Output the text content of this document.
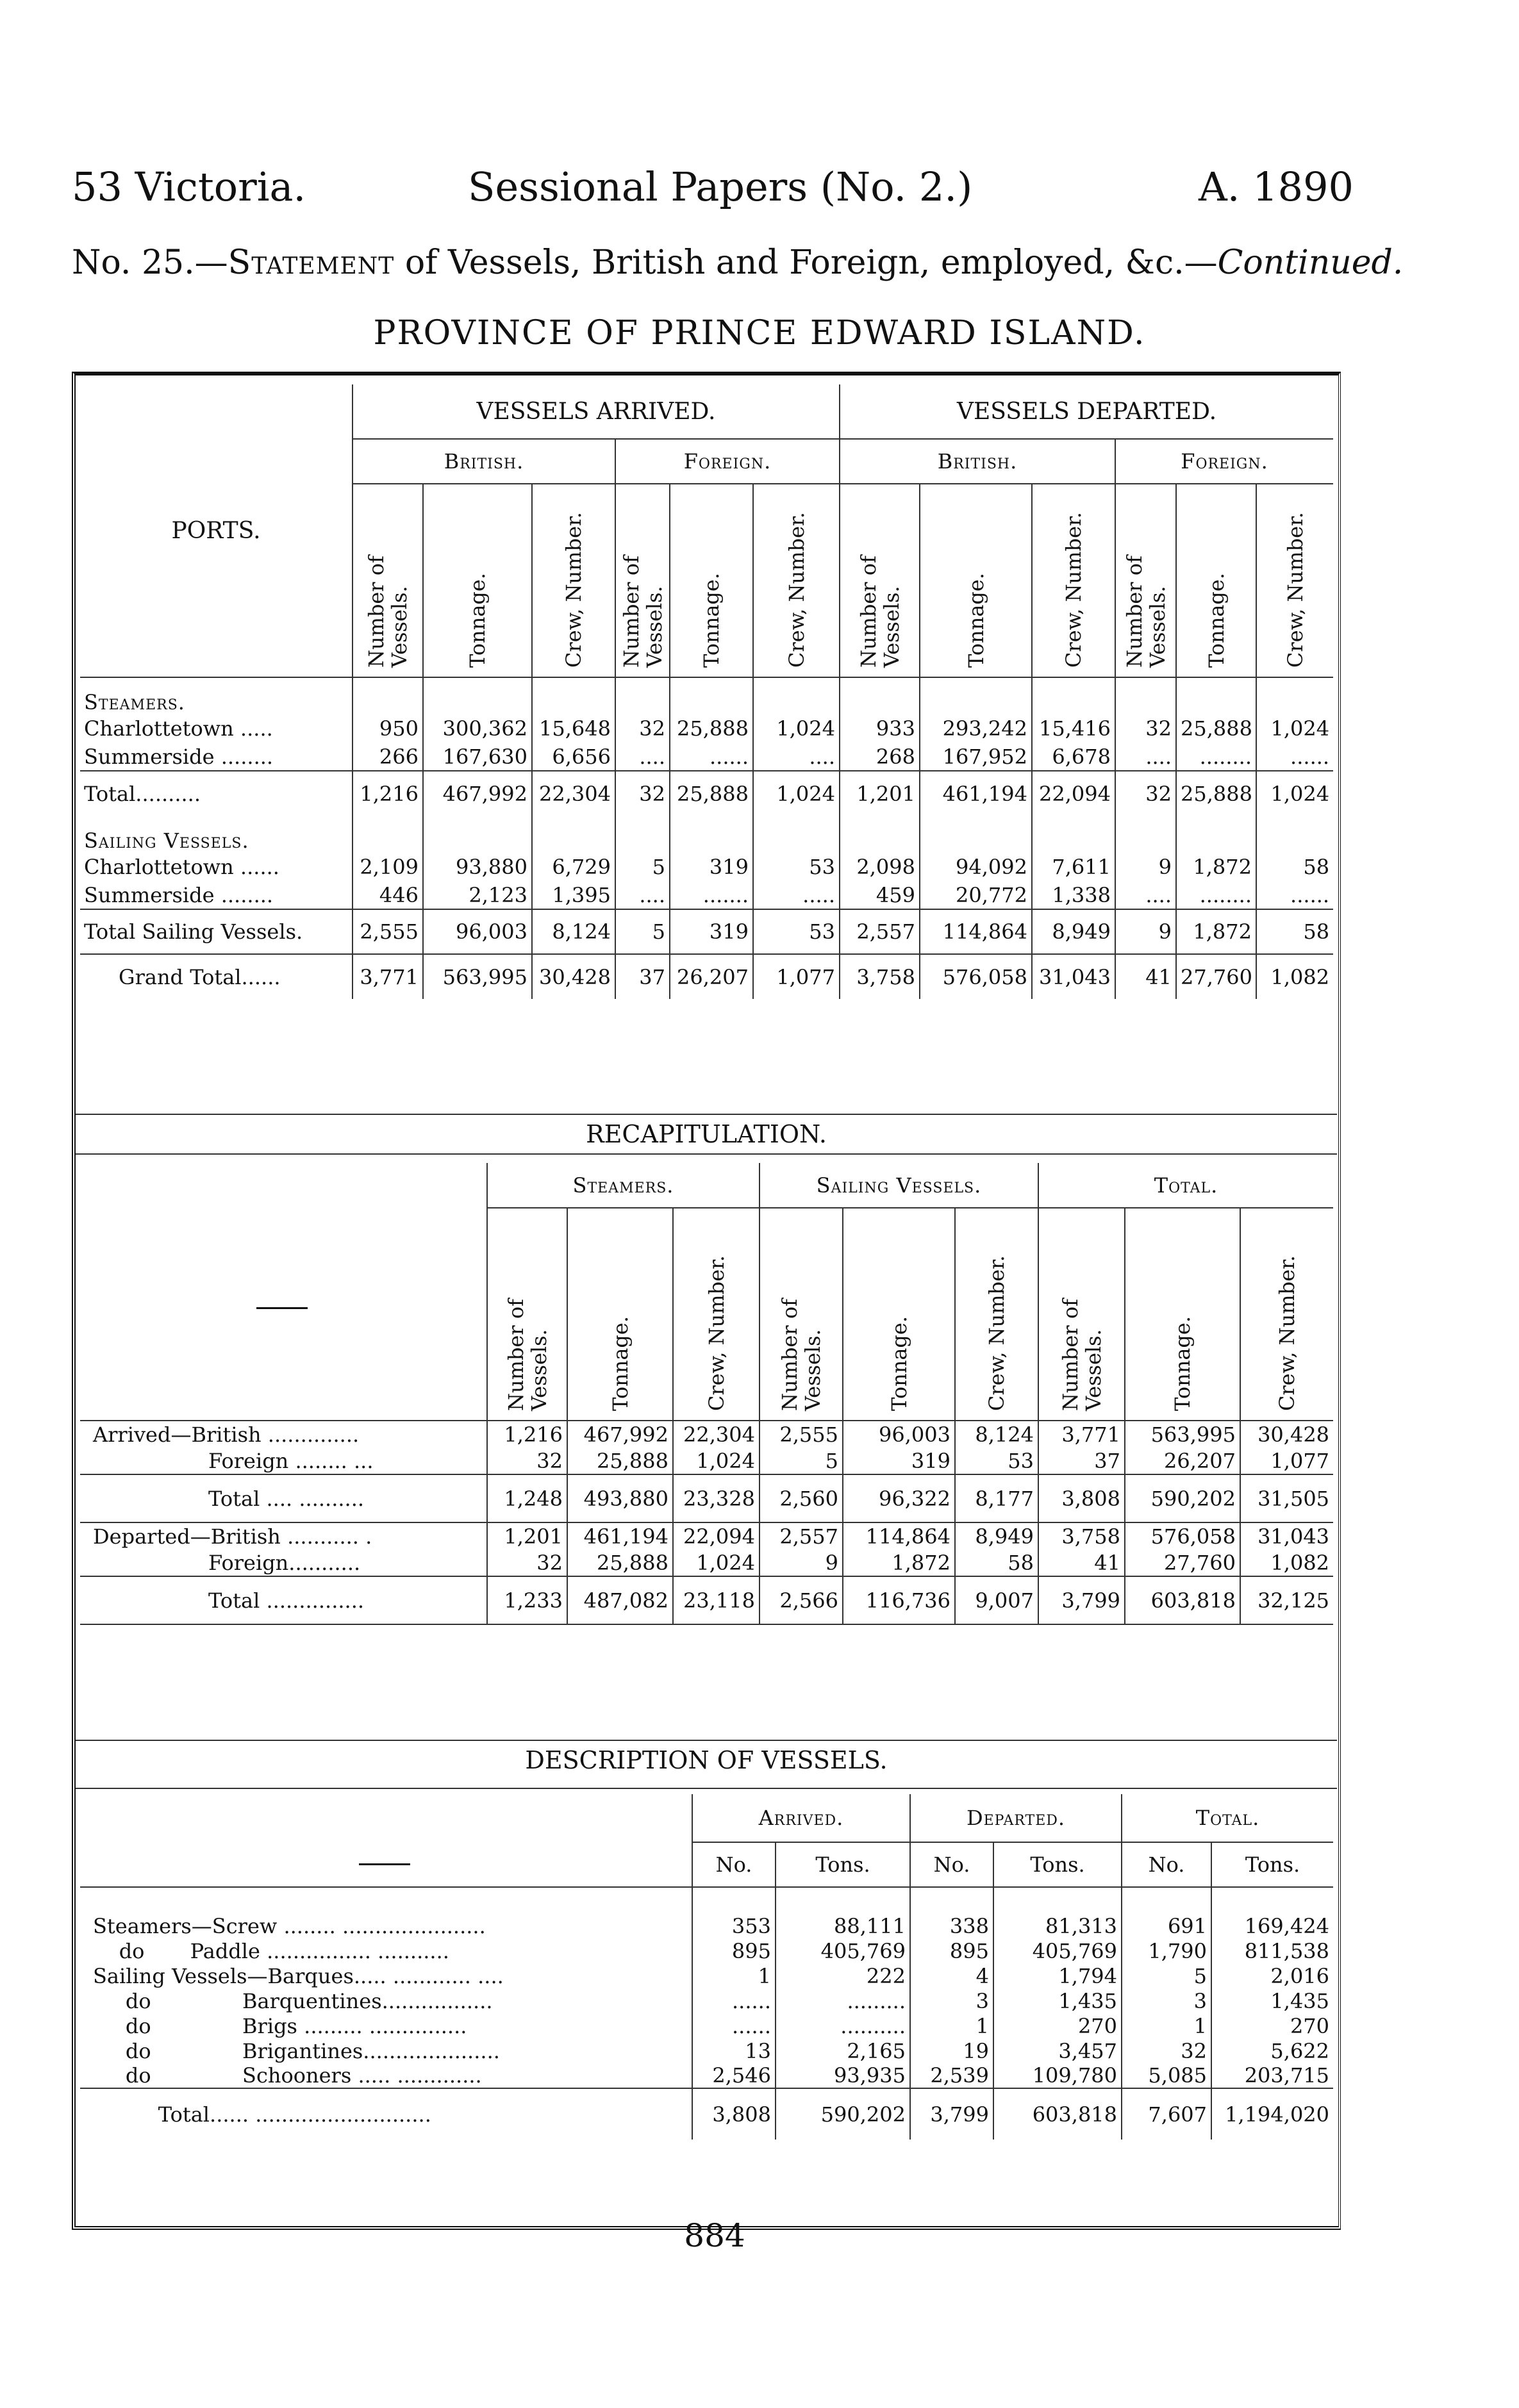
53 Victoria.	Sessional Papers (No. 2.)	A. 1890
No. 25.—Statement of Vessels, British and Foreign, employed, &c.—Continued.
PROVINCE OF PRINCE EDWARD ISLAND.
PORTS.	VESSELS ARRIVED.						VESSELS DEPARTED.					
	British.			Foreign.			British.			Foreign.		

	Number of Vessels.	Tonnage.	Crew, Number.	Number of Vessels.	Tonnage.	Crew, Number.	Number of Vessels.	Tonnage.	Crew, Number.	Number of Vessels.	Tonnage.	Crew, Number.

Steamers.												
Charlottetown .....	950	300,362	15,648	32	25,888	1,024	933	293,242	15,416	32	25,888	1,024
Summerside ........	266	167,630	6,656	....	......	....	268	167,952	6,678	....	........	......
Total..........	1,216	467,992	22,304	32	25,888	1,024	1,201	461,194	22,094	32	25,888	1,024
Sailing Vessels.												
Charlottetown ......	2,109	93,880	6,729	5	319	53	2,098	94,092	7,611	9	1,872	58
Summerside ........	446	2,123	1,395	....	.......	.....	459	20,772	1,338	....	........	......
Total Sailing Vessels.	2,555	96,003	8,124	5	319	53	2,557	114,864	8,949	9	1,872	58
Grand Total......	3,771	563,995	30,428	37	26,207	1,077	3,758	576,058	31,043	41	27,760	1,082
RECAPITULATION.
	Steamers.			Sailing Vessels.			Total.		

	Number of Vessels.	Tonnage.	Crew, Number.	Number of Vessels.	Tonnage.	Crew, Number.	Number of Vessels.	Tonnage.	Crew, Number.

Arrived—British ..............	1,216	467,992	22,304	2,555	96,003	8,124	3,771	563,995	30,428
Foreign ........ ...	32	25,888	1,024	5	319	53	37	26,207	1,077
Total .... ..........	1,248	493,880	23,328	2,560	96,322	8,177	3,808	590,202	31,505
Departed—British ........... .	1,201	461,194	22,094	2,557	114,864	8,949	3,758	576,058	31,043
Foreign...........	32	25,888	1,024	9	1,872	58	41	27,760	1,082
Total ...............	1,233	487,082	23,118	2,566	116,736	9,007	3,799	603,818	32,125
DESCRIPTION OF VESSELS.
	Arrived.		Departed.		Total.	
	No.	Tons.	No.	Tons.	No.	Tons.
Steamers—Screw ........ ......................	353	88,111	338	81,313	691	169,424
do       Paddle ................ ...........	895	405,769	895	405,769	1,790	811,538
Sailing Vessels—Barques..... ............ ....	1	222	4	1,794	5	2,016
do              Barquentines.................	......	.........	3	1,435	3	1,435
do              Brigs ......... ...............	......	..........	1	270	1	270
do              Brigantines.....................	13	2,165	19	3,457	32	5,622
do              Schooners ..... .............	2,546	93,935	2,539	109,780	5,085	203,715
Total...... ...........................	3,808	590,202	3,799	603,818	7,607	1,194,020
884
